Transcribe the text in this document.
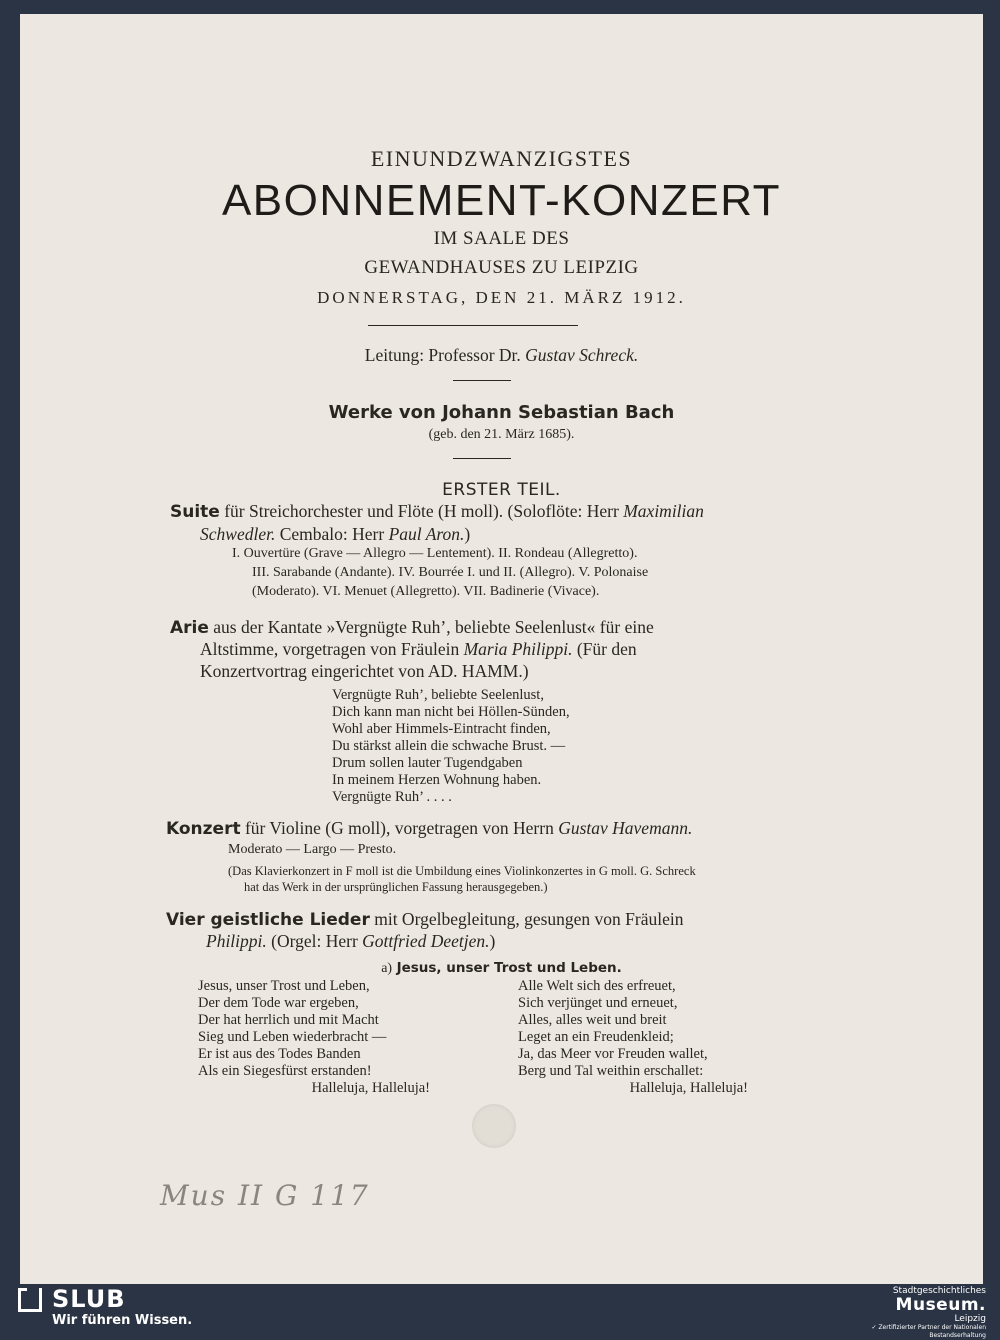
EINUNDZWANZIGSTES
ABONNEMENT-KONZERT
IM SAALE DES
GEWANDHAUSES ZU LEIPZIG
DONNERSTAG, DEN 21. MÄRZ 1912.
Leitung: Professor Dr. Gustav Schreck.
Werke von Johann Sebastian Bach
(geb. den 21. März 1685).
ERSTER TEIL.
Suite für Streichorchester und Flöte (H moll). (Soloflöte: Herr Maximilian
Schwedler. Cembalo: Herr Paul Aron.)
I. Ouvertüre (Grave — Allegro — Lentement). II. Rondeau (Allegretto).
III. Sarabande (Andante). IV. Bourrée I. und II. (Allegro). V. Polonaise
(Moderato). VI. Menuet (Allegretto). VII. Badinerie (Vivace).
Arie aus der Kantate »Vergnügte Ruh’, beliebte Seelenlust« für eine
Altstimme, vorgetragen von Fräulein Maria Philippi. (Für den
Konzertvortrag eingerichtet von AD. HAMM.)
Vergnügte Ruh’, beliebte Seelenlust,
Dich kann man nicht bei Höllen-Sünden,
Wohl aber Himmels-Eintracht finden,
Du stärkst allein die schwache Brust. —
Drum sollen lauter Tugendgaben
In meinem Herzen Wohnung haben.
Vergnügte Ruh’ . . . .
Konzert für Violine (G moll), vorgetragen von Herrn Gustav Havemann.
Moderato — Largo — Presto.
(Das Klavierkonzert in F moll ist die Umbildung eines Violinkonzertes in G moll. G. Schreck
hat das Werk in der ursprünglichen Fassung herausgegeben.)
Vier geistliche Lieder mit Orgelbegleitung, gesungen von Fräulein
Philippi. (Orgel: Herr Gottfried Deetjen.)
a) Jesus, unser Trost und Leben.
Jesus, unser Trost und Leben,
Der dem Tode war ergeben,
Der hat herrlich und mit Macht
Sieg und Leben wiederbracht —
Er ist aus des Todes Banden
Als ein Siegesfürst erstanden!
Halleluja, Halleluja!
Alle Welt sich des erfreuet,
Sich verjünget und erneuet,
Alles, alles weit und breit
Leget an ein Freudenkleid;
Ja, das Meer vor Freuden wallet,
Berg und Tal weithin erschallet:
Halleluja, Halleluja!
Mus II G 117
SLUB
Wir führen Wissen.
Stadtgeschichtliches
Museum.
Leipzig
✓ Zertifizierter Partner der Nationalen Bestandserhaltung
